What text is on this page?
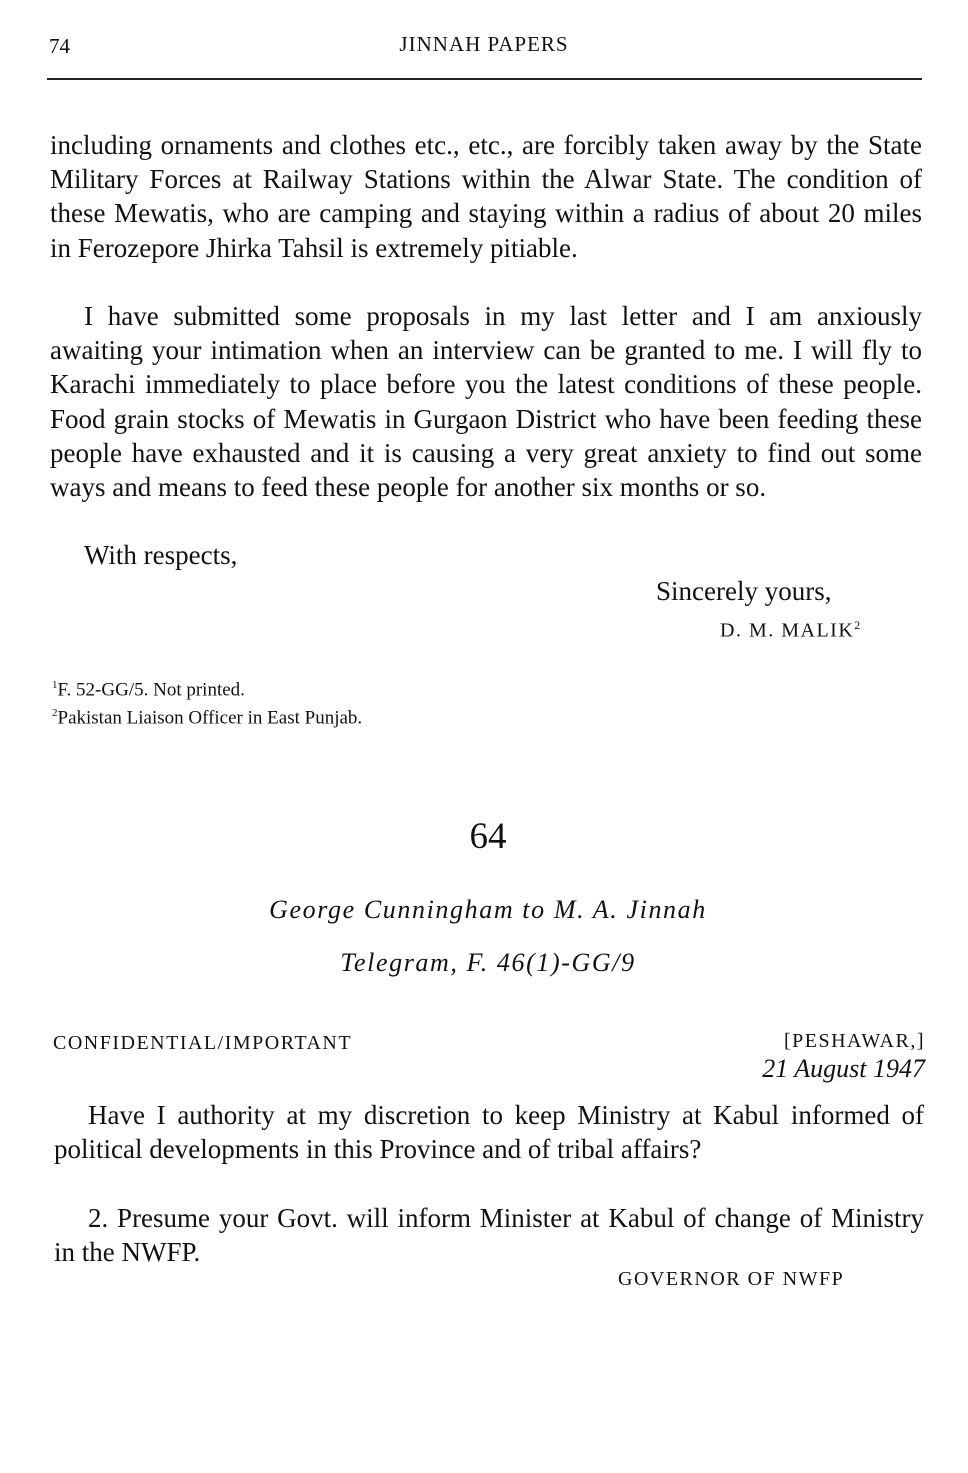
74	JINNAH PAPERS

including ornaments and clothes etc., etc., are forcibly taken away by the State Military Forces at Railway Stations within the Alwar State. The condition of these Mewatis, who are camping and staying within a radius of about 20 miles in Ferozepore Jhirka Tahsil is extremely pitiable.

I have submitted some proposals in my last letter and I am anxiously awaiting your intimation when an interview can be granted to me. I will fly to Karachi immediately to place before you the latest conditions of these people. Food grain stocks of Mewatis in Gurgaon District who have been feeding these people have exhausted and it is causing a very great anxiety to find out some ways and means to feed these people for another six months or so.

With respects,
Sincerely yours,
D. M. MALIK$^2$
$^1$F. 52-GG/5. Not printed.
$^2$Pakistan Liaison Officer in East Punjab.
64
George Cunningham to M. A. Jinnah
Telegram, F. 46(1)-GG/9
CONFIDENTIAL/IMPORTANT	[PESHAWAR,]
21 August 1947

Have I authority at my discretion to keep Ministry at Kabul informed of political developments in this Province and of tribal affairs?

2. Presume your Govt. will inform Minister at Kabul of change of Ministry in the NWFP.

GOVERNOR OF NWFP
